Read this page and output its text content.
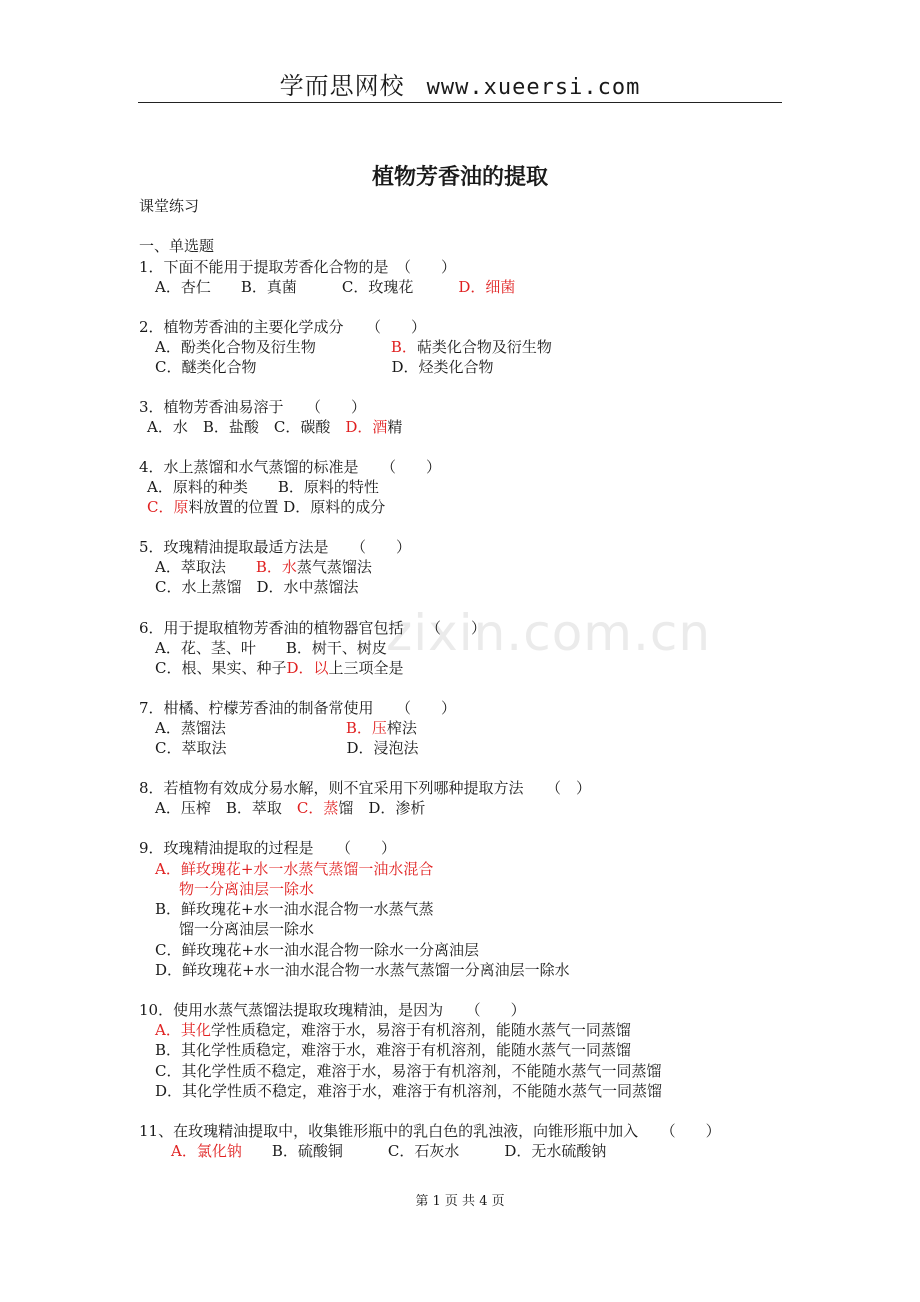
学而思网校 www.xueersi.com
zixin.com.cn
植物芳香油的提取
课堂练习
一、单选题
1．下面不能用于提取芳香化合物的是　（　　）
A．杏仁　　B．真菌　　　C．玫瑰花　　　D．细菌
2．植物芳香油的主要化学成分　　（　　）
A．酚类化合物及衍生物　　　　　B．萜类化合物及衍生物
C．醚类化合物　　　　　　　　　D．烃类化合物
3．植物芳香油易溶于　　（　　）
A．水　B．盐酸　C．碳酸　D．酒精
4．水上蒸馏和水气蒸馏的标准是　　（　　）
A．原料的种类　　B．原料的特性
C．原料放置的位置 D．原料的成分
5．玫瑰精油提取最适方法是　　（　　）
A．萃取法　　B．水蒸气蒸馏法
C．水上蒸馏　D．水中蒸馏法
6．用于提取植物芳香油的植物器官包括　　（　　）
A．花、茎、叶　　B．树干、树皮
C．根、果实、种子D．以上三项全是
7．柑橘、柠檬芳香油的制备常使用　　（　　）
A．蒸馏法　　　　　　　　B．压榨法
C．萃取法　　　　　　　　D．浸泡法
8．若植物有效成分易水解，则不宜采用下列哪种提取方法　　（　）
A．压榨　B．萃取　C．蒸馏　D．渗析
9．玫瑰精油提取的过程是　　（　　）
A．鲜玫瑰花+水一水蒸气蒸馏一油水混合
物一分离油层一除水
B．鲜玫瑰花+水一油水混合物一水蒸气蒸
馏一分离油层一除水
C．鲜玫瑰花+水一油水混合物一除水一分离油层
D．鲜玫瑰花+水一油水混合物一水蒸气蒸馏一分离油层一除水
10．使用水蒸气蒸馏法提取玫瑰精油，是因为　　（　　）
A．其化学性质稳定，难溶于水，易溶于有机溶剂，能随水蒸气一同蒸馏
B．其化学性质稳定，难溶于水，难溶于有机溶剂，能随水蒸气一同蒸馏
C．其化学性质不稳定，难溶于水，易溶于有机溶剂，不能随水蒸气一同蒸馏
D．其化学性质不稳定，难溶于水，难溶于有机溶剂，不能随水蒸气一同蒸馏
11、在玫瑰精油提取中，收集锥形瓶中的乳白色的乳浊液，向锥形瓶中加入　　（　　）
A．氯化钠　　B．硫酸铜　　　C．石灰水　　　D．无水硫酸钠
第 1 页 共 4 页
